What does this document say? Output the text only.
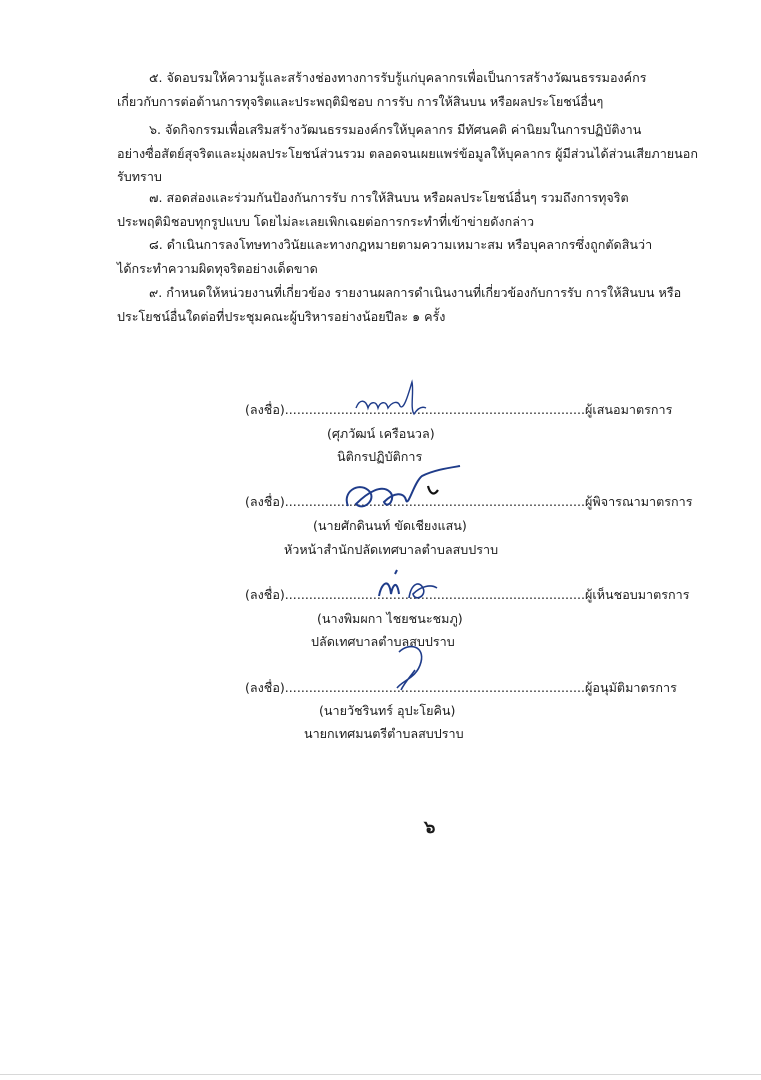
๕. จัดอบรมให้ความรู้และสร้างช่องทางการรับรู้แก่บุคลากรเพื่อเป็นการสร้างวัฒนธรรมองค์กร
เกี่ยวกับการต่อต้านการทุจริตและประพฤติมิชอบ การรับ การให้สินบน หรือผลประโยชน์อื่นๆ
๖. จัดกิจกรรมเพื่อเสริมสร้างวัฒนธรรมองค์กรให้บุคลากร มีทัศนคติ ค่านิยมในการปฏิบัติงาน
อย่างซื่อสัตย์สุจริตและมุ่งผลประโยชน์ส่วนรวม ตลอดจนเผยแพร่ข้อมูลให้บุคลากร ผู้มีส่วนได้ส่วนเสียภายนอก
รับทราบ
๗. สอดส่องและร่วมกันป้องกันการรับ การให้สินบน หรือผลประโยชน์อื่นๆ รวมถึงการทุจริต
ประพฤติมิชอบทุกรูปแบบ โดยไม่ละเลยเพิกเฉยต่อการกระทำที่เข้าข่ายดังกล่าว
๘. ดำเนินการลงโทษทางวินัยและทางกฎหมายตามความเหมาะสม หรือบุคลากรซึ่งถูกตัดสินว่า
ได้กระทำความผิดทุจริตอย่างเด็ดขาด
๙. กำหนดให้หน่วยงานที่เกี่ยวข้อง รายงานผลการดำเนินงานที่เกี่ยวข้องกับการรับ การให้สินบน หรือ
ประโยชน์อื่นใดต่อที่ประชุมคณะผู้บริหารอย่างน้อยปีละ ๑ ครั้ง
(ลงชื่อ)...........................................................................ผู้เสนอมาตรการ
(ศุภวัฒน์ เครือนวล)
นิติกรปฏิบัติการ
(ลงชื่อ)...........................................................................ผู้พิจารณามาตรการ
(นายศักดินนท์ ขัดเชียงแสน)
หัวหน้าสำนักปลัดเทศบาลตำบลสบปราบ
(ลงชื่อ)...........................................................................ผู้เห็นชอบมาตรการ
(นางพิมผกา ไชยชนะชมภู)
ปลัดเทศบาลตำบลสบปราบ
(ลงชื่อ)...........................................................................ผู้อนุมัติมาตรการ
(นายวัชรินทร์ อุปะโยคิน)
นายกเทศมนตรีตำบลสบปราบ
๖
